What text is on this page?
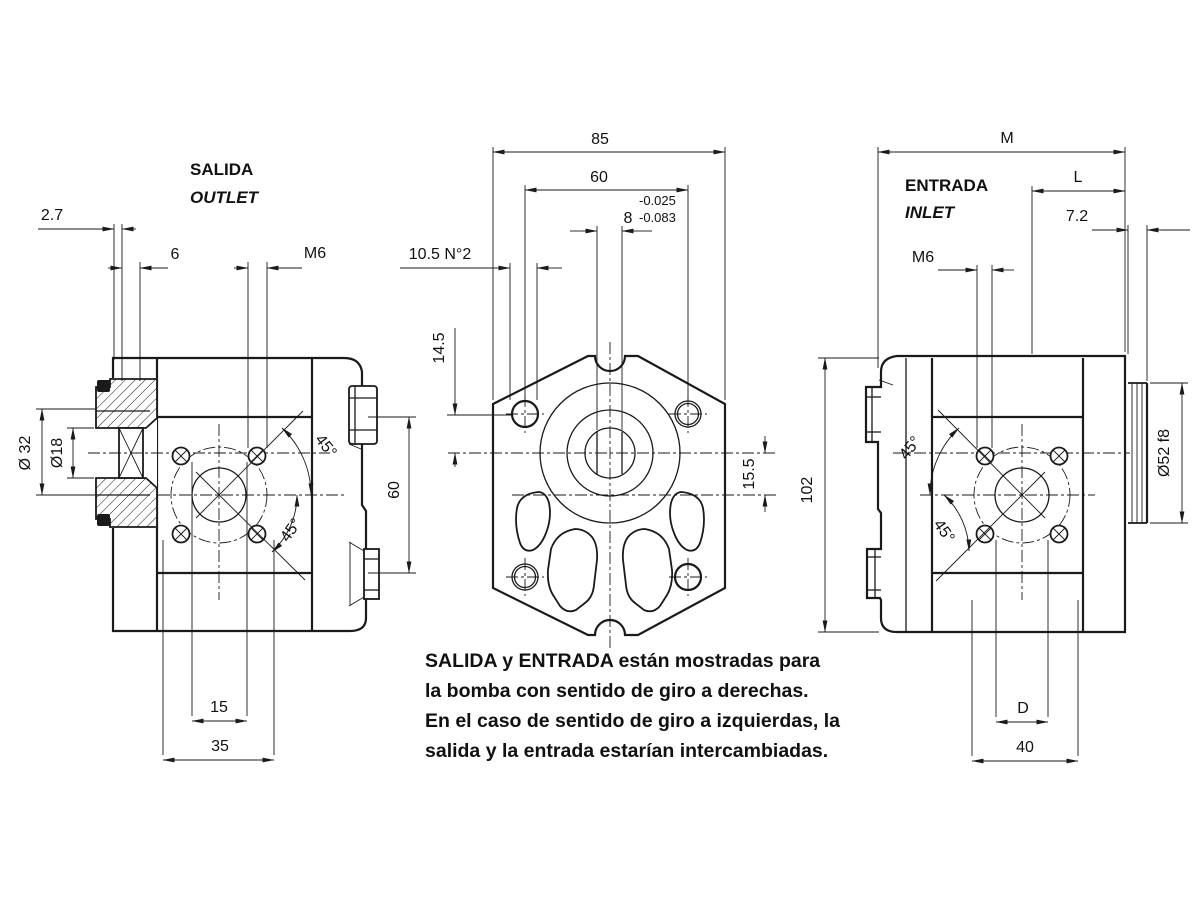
45°
45°
2.7
6	M6
15
35
Ø 32 Ø18
60
85
60
8
-0.025
-0.083
10.5 N°2
14.5
15.5
45°
45°
M
L
7.2
M6
102
Ø52 f8
D
40
SALIDA
OUTLET
ENTRADA
INLET
SALIDA y ENTRADA están mostradas para
la bomba con sentido de giro a derechas.
En el caso de sentido de giro a izquierdas, la
salida y la entrada estarían intercambiadas.
